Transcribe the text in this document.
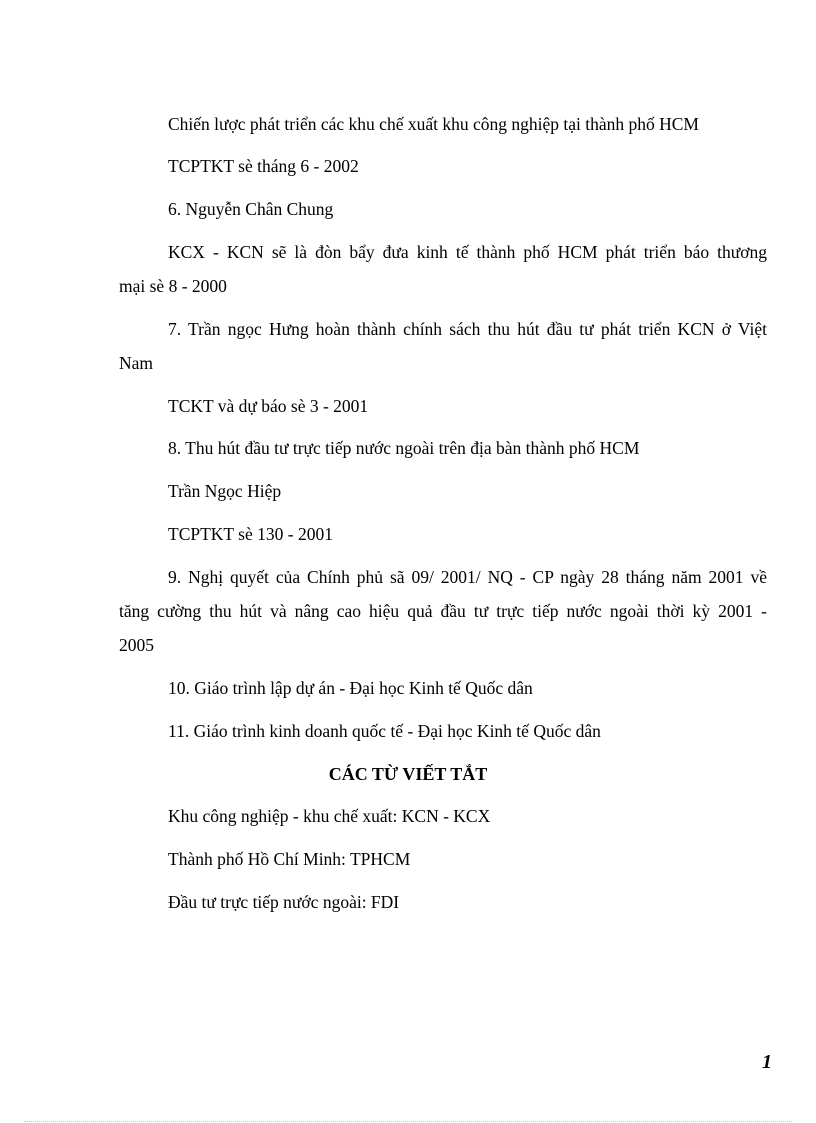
Chiến lược phát triển các khu chế xuất khu công nghiệp tại thành phố HCM

TCPTKT sè tháng 6 - 2002

6. Nguyễn Chân Chung

KCX - KCN sẽ là đòn bẩy đưa kinh tế thành phố HCM phát triển báo thương

mại sè 8 - 2000

7. Trần ngọc Hưng hoàn thành chính sách thu hút đầu tư phát triển KCN ở Việt

Nam

TCKT và dự báo sè 3 - 2001

8. Thu hút đầu tư trực tiếp nước ngoài trên địa bàn thành phố HCM

Trần Ngọc Hiệp

TCPTKT sè 130 - 2001

9. Nghị quyết của Chính phủ sã 09/ 2001/ NQ - CP ngày 28 tháng năm 2001 về

tăng cường thu hút và nâng cao hiệu quả đầu tư trực tiếp nước ngoài thời kỳ 2001 -

2005

10. Giáo trình lập dự án - Đại học Kinh tế Quốc dân

11. Giáo trình kinh doanh quốc tế - Đại học Kinh tế Quốc dân

CÁC TỪ VIẾT TẮT

Khu công nghiệp - khu chế xuất: KCN - KCX

Thành phố Hồ Chí Minh: TPHCM

Đầu tư trực tiếp nước ngoài: FDI

1
